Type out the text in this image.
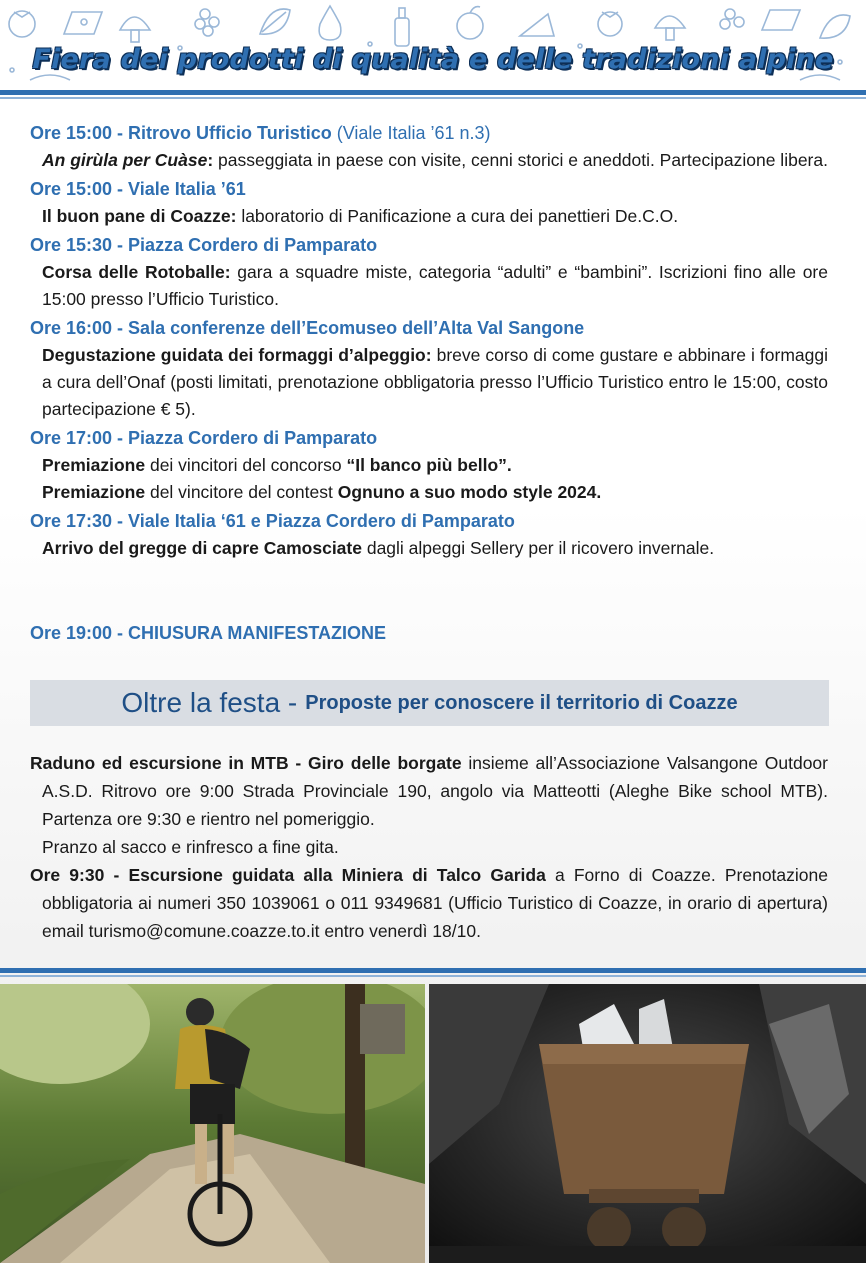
Fiera dei prodotti di qualità e delle tradizioni alpine
Ore 15:00 - Ritrovo Ufficio Turistico (Viale Italia ’61 n.3)
An girùla per Cuàse: passeggiata in paese con visite, cenni storici e aneddoti. Partecipazione libera.
Ore 15:00 - Viale Italia ’61
Il buon pane di Coazze: laboratorio di Panificazione a cura dei panettieri De.C.O.
Ore 15:30 - Piazza Cordero di Pamparato
Corsa delle Rotoballe: gara a squadre miste, categoria “adulti” e “bambini”. Iscrizioni fino alle ore 15:00 presso l’Ufficio Turistico.
Ore 16:00 - Sala conferenze dell’Ecomuseo dell’Alta Val Sangone
Degustazione guidata dei formaggi d’alpeggio: breve corso di come gustare e abbinare i formaggi a cura dell’Onaf (posti limitati, prenotazione obbligatoria presso l’Ufficio Turistico entro le 15:00, costo partecipazione € 5).
Ore 17:00 - Piazza Cordero di Pamparato
Premiazione dei vincitori del concorso “Il banco più bello”.
Premiazione del vincitore del contest Ognuno a suo modo style 2024.
Ore 17:30 - Viale Italia ‘61 e Piazza Cordero di Pamparato
Arrivo del gregge di capre Camosciate dagli alpeggi Sellery per il ricovero invernale.
Ore 19:00 - CHIUSURA MANIFESTAZIONE
Oltre la festa - Proposte per conoscere il territorio di Coazze
Raduno ed escursione in MTB - Giro delle borgate insieme all’Associazione Valsangone Outdoor A.S.D. Ritrovo ore 9:00 Strada Provinciale 190, angolo via Matteotti (Aleghe Bike school MTB). Partenza ore 9:30 e rientro nel pomeriggio.
Pranzo al sacco e rinfresco a fine gita.
Ore 9:30 - Escursione guidata alla Miniera di Talco Garida a Forno di Coazze. Prenotazione obbligatoria ai numeri 350 1039061 o 011 9349681 (Ufficio Turistico di Coazze, in orario di apertura) email turismo@comune.coazze.to.it entro venerdì 18/10.
